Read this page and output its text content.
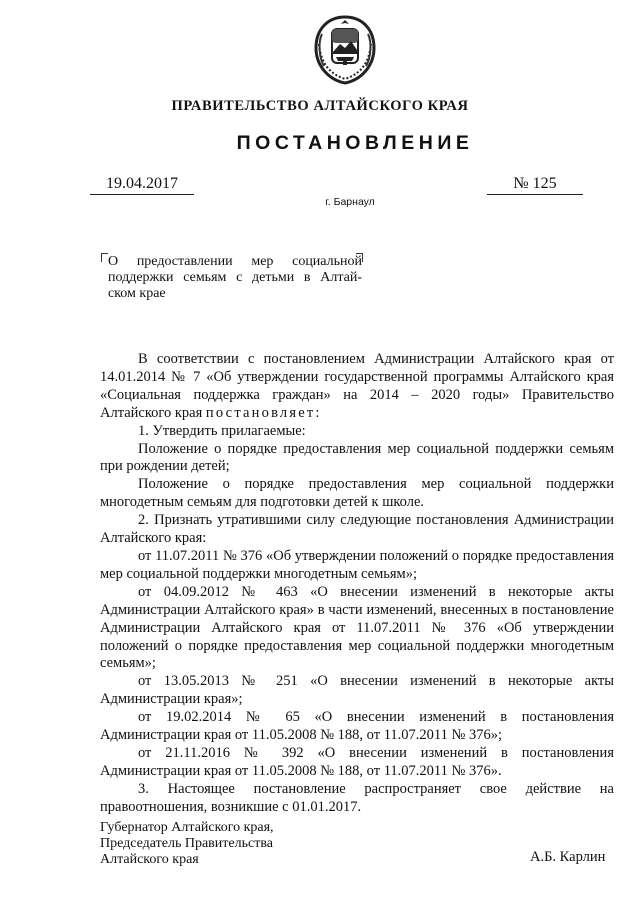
ПРАВИТЕЛЬСТВО АЛТАЙСКОГО КРАЯ
ПОСТАНОВЛЕНИЕ
19.04.2017	№ 125
г. Барнаул
О предоставлении мер социальной
поддержки семьям с детьми в Алтай-
ском крае

В соответствии с постановлением Администрации Алтайского края от 14.01.2014 № 7 «Об утверждении государственной программы Алтайского края «Социальная поддержка граждан» на 2014 – 2020 годы» Правительство Алтайского края постановляет:

1. Утвердить прилагаемые:

Положение о порядке предоставления мер социальной поддержки семьям при рождении детей;

Положение о порядке предоставления мер социальной поддержки многодетным семьям для подготовки детей к школе.

2. Признать утратившими силу следующие постановления Администрации Алтайского края:

от 11.07.2011 № 376 «Об утверждении положений о порядке предоставления мер социальной поддержки многодетным семьям»;

от 04.09.2012 № 463 «О внесении изменений в некоторые акты Администрации Алтайского края» в части изменений, внесенных в постановление Администрации Алтайского края от 11.07.2011 № 376 «Об утверждении положений о порядке предоставления мер социальной поддержки многодетным семьям»;

от 13.05.2013 № 251 «О внесении изменений в некоторые акты Администрации края»;

от 19.02.2014 № 65 «О внесении изменений в постановления Администрации края от 11.05.2008 № 188, от 11.07.2011 № 376»;

от 21.11.2016 № 392 «О внесении изменений в постановления Администрации края от 11.05.2008 № 188, от 11.07.2011 № 376».

3. Настоящее постановление распространяет свое действие на правоотношения, возникшие с 01.01.2017.

Губернатор Алтайского края,
Председатель Правительства
Алтайского края	А.Б. Карлин
